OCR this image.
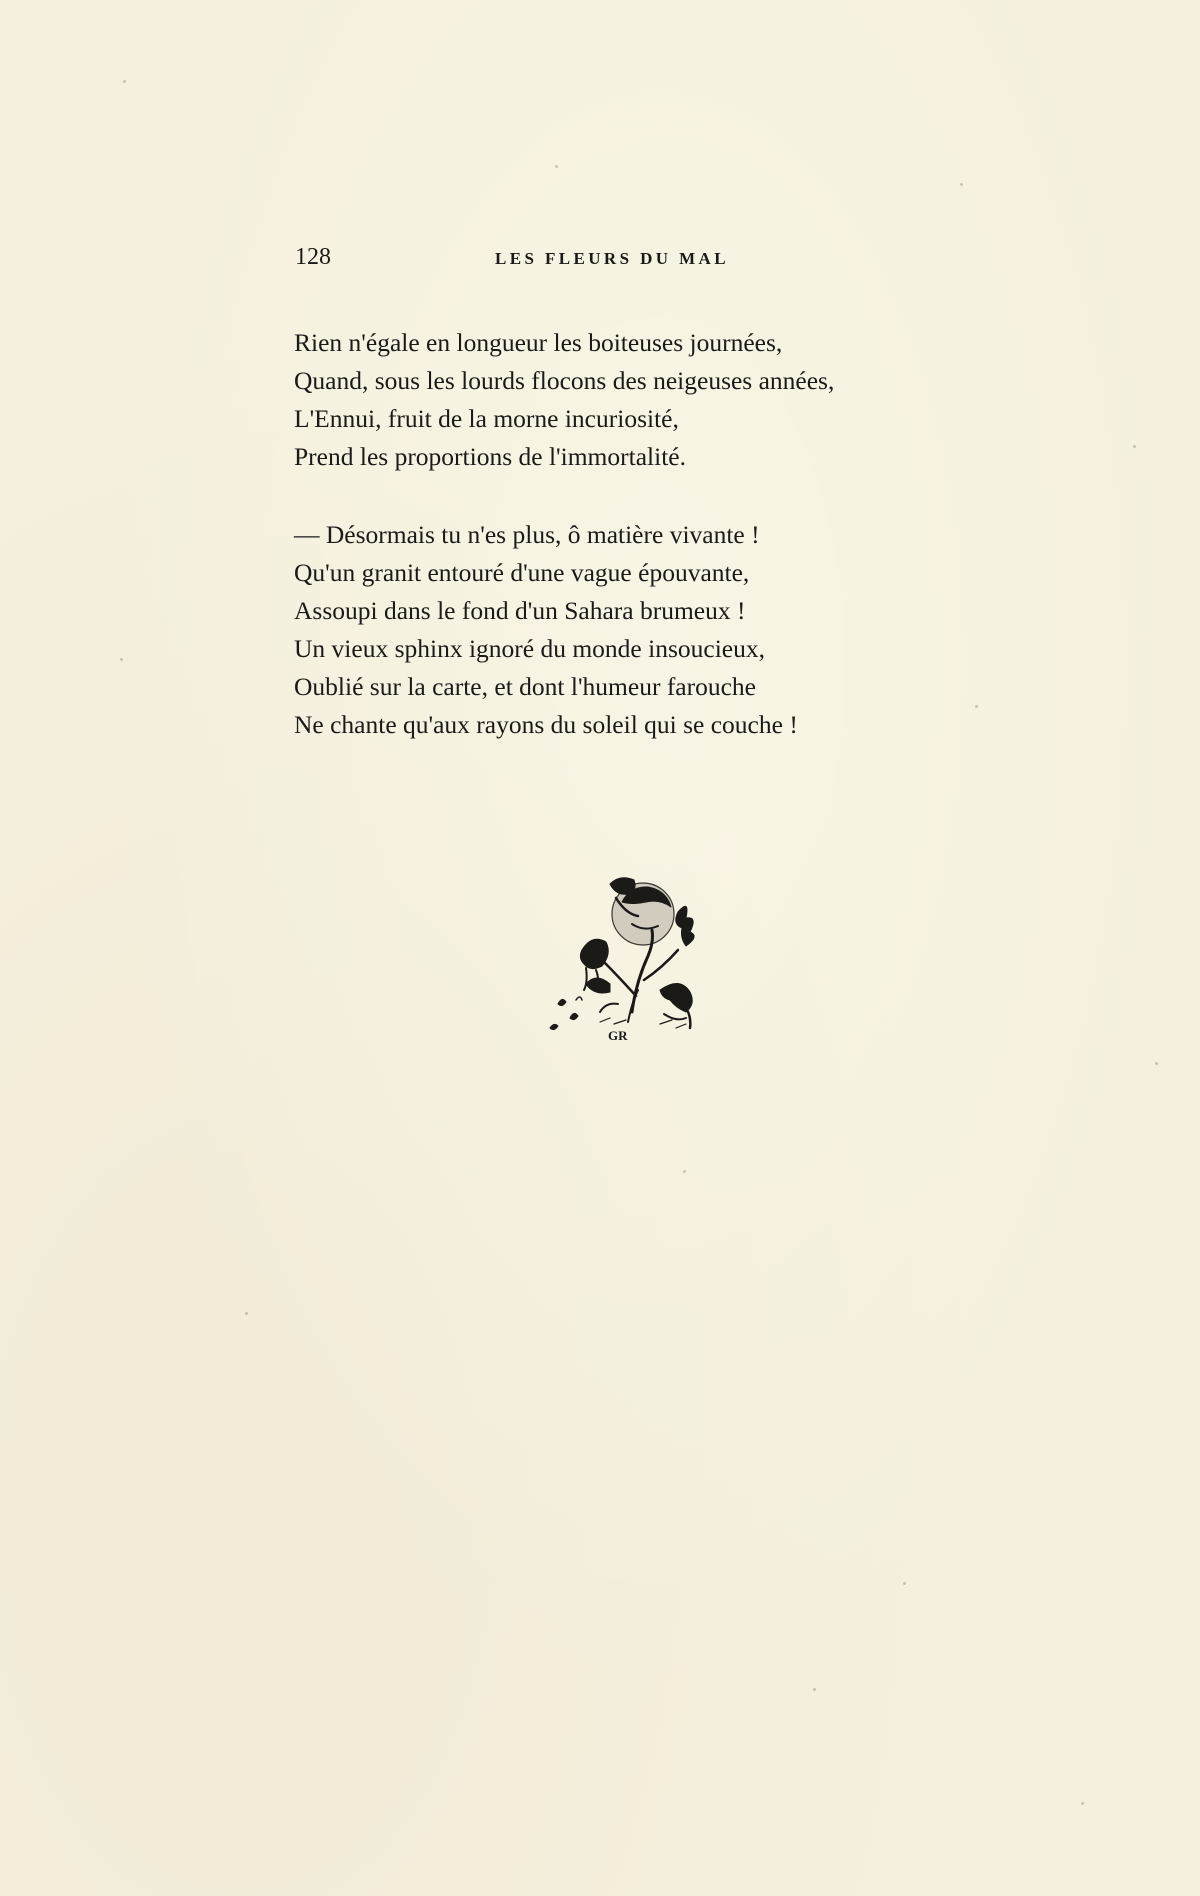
128	LES FLEURS DU MAL

Rien n'égale en longueur les boiteuses journées,
Quand, sous les lourds flocons des neigeuses années,
L'Ennui, fruit de la morne incuriosité,
Prend les proportions de l'immortalité.

— Désormais tu n'es plus, ô matière vivante !
Qu'un granit entouré d'une vague épouvante,
Assoupi dans le fond d'un Sahara brumeux !
Un vieux sphinx ignoré du monde insoucieux,
Oublié sur la carte, et dont l'humeur farouche
Ne chante qu'aux rayons du soleil qui se couche !

GR
